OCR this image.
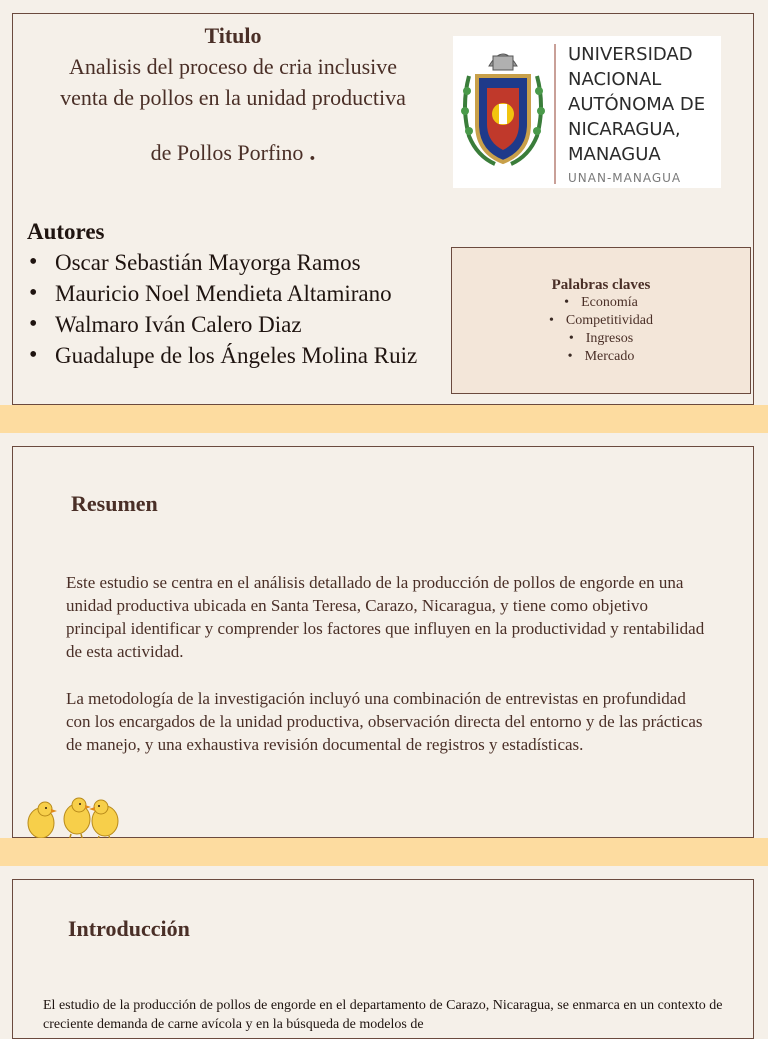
Titulo
Analisis del proceso de cria inclusive
venta de pollos en la unidad productiva
de Pollos Porfino .
Autores
• Oscar Sebastián Mayorga Ramos
• Mauricio Noel Mendieta Altamirano
• Walmaro Iván Calero Diaz
• Guadalupe de los Ángeles Molina Ruiz
UNIVERSIDAD
NACIONAL
AUTÓNOMA DE
NICARAGUA,
MANAGUA
UNAN-MANAGUA
Palabras claves
• Economía
• Competitividad
• Ingresos
• Mercado
Resumen
Este estudio se centra en el análisis detallado de la producción de pollos de engorde en una unidad productiva ubicada en Santa Teresa, Carazo, Nicaragua, y tiene como objetivo principal identificar y comprender los factores que influyen en la productividad y rentabilidad de esta actividad.
La metodología de la investigación incluyó una combinación de entrevistas en profundidad con los encargados de la unidad productiva, observación directa del entorno y de las prácticas de manejo, y una exhaustiva revisión documental de registros y estadísticas.
Introducción
El estudio de la producción de pollos de engorde en el departamento de Carazo, Nicaragua, se enmarca en un contexto de creciente demanda de carne avícola y en la búsqueda de modelos de
